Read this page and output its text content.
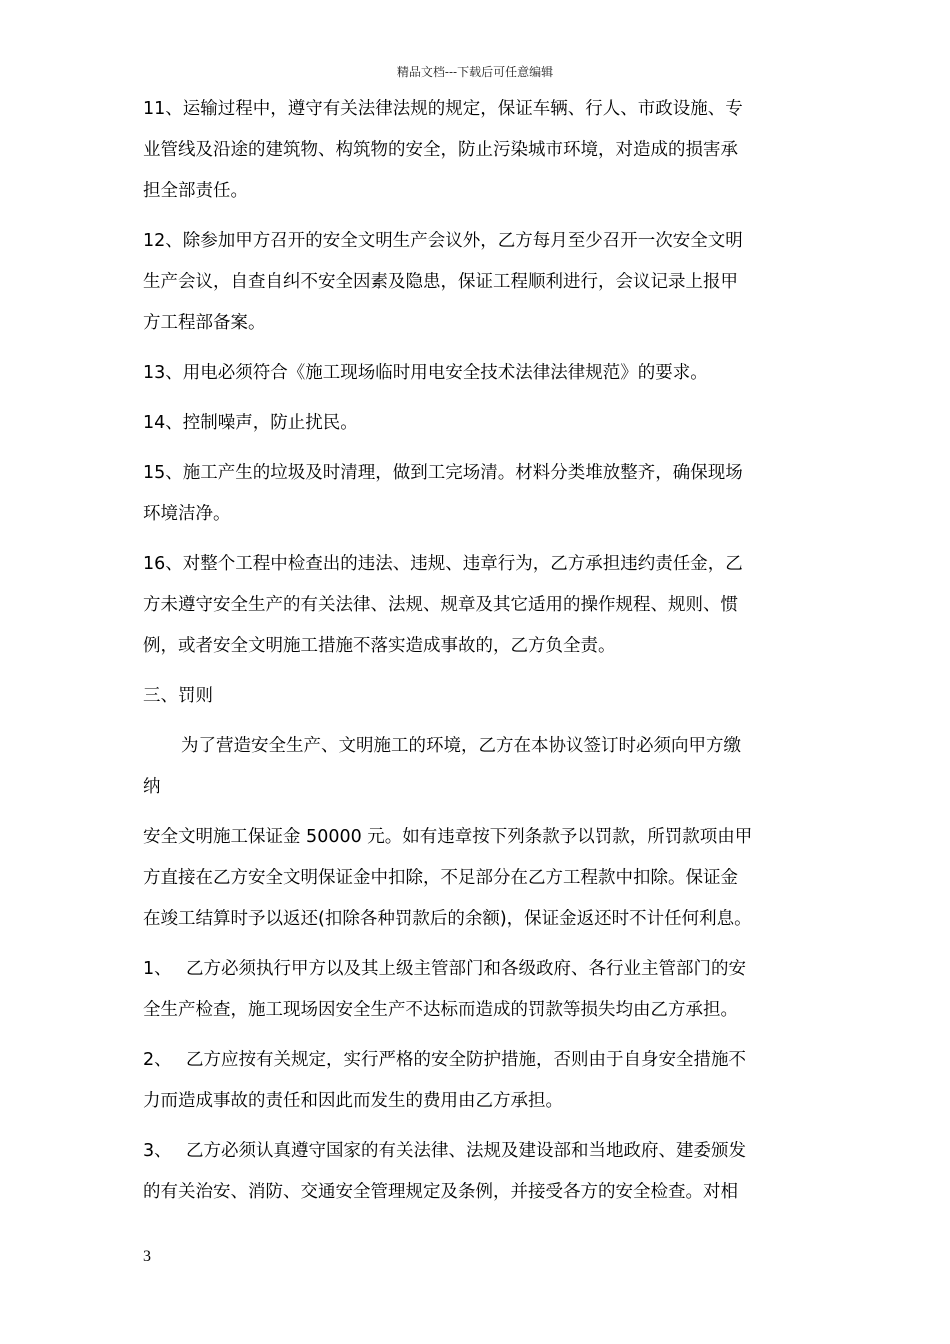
精品文档---下载后可任意编辑
11、运输过程中，遵守有关法律法规的规定，保证车辆、行人、市政设施、专
业管线及沿途的建筑物、构筑物的安全，防止污染城市环境，对造成的损害承
担全部责任。
12、除参加甲方召开的安全文明生产会议外，乙方每月至少召开一次安全文明
生产会议，自查自纠不安全因素及隐患，保证工程顺利进行，会议记录上报甲
方工程部备案。
13、用电必须符合《施工现场临时用电安全技术法律法律规范》的要求。
14、控制噪声，防止扰民。
15、施工产生的垃圾及时清理，做到工完场清。材料分类堆放整齐，确保现场
环境洁净。
16、对整个工程中检查出的违法、违规、违章行为，乙方承担违约责任金，乙
方未遵守安全生产的有关法律、法规、规章及其它适用的操作规程、规则、惯
例，或者安全文明施工措施不落实造成事故的，乙方负全责。
三、罚则
为了营造安全生产、文明施工的环境，乙方在本协议签订时必须向甲方缴
纳
安全文明施工保证金 50000 元。如有违章按下列条款予以罚款，所罚款项由甲
方直接在乙方安全文明保证金中扣除，不足部分在乙方工程款中扣除。保证金
在竣工结算时予以返还(扣除各种罚款后的余额)，保证金返还时不计任何利息。
1、　 乙方必须执行甲方以及其上级主管部门和各级政府、各行业主管部门的安
全生产检查，施工现场因安全生产不达标而造成的罚款等损失均由乙方承担。
2、　 乙方应按有关规定，实行严格的安全防护措施，否则由于自身安全措施不
力而造成事故的责任和因此而发生的费用由乙方承担。
3、　 乙方必须认真遵守国家的有关法律、法规及建设部和当地政府、建委颁发
的有关治安、消防、交通安全管理规定及条例，并接受各方的安全检查。对相
3
